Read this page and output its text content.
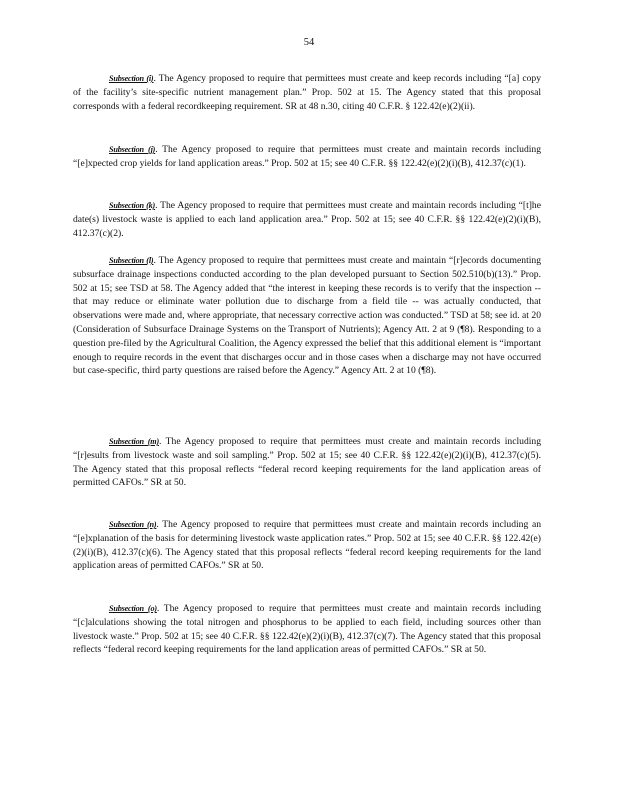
54

Subsection (i). The Agency proposed to require that permittees must create and keep records including “[a] copy of the facility’s site-specific nutrient management plan.” Prop. 502 at 15. The Agency stated that this proposal corresponds with a federal recordkeeping requirement. SR at 48 n.30, citing 40 C.F.R. § 122.42(e)(2)(ii).

Subsection (j). The Agency proposed to require that permittees must create and maintain records including “[e]xpected crop yields for land application areas.” Prop. 502 at 15; see 40 C.F.R. §§ 122.42(e)(2)(i)(B), 412.37(c)(1).

Subsection (k). The Agency proposed to require that permittees must create and maintain records including “[t]he date(s) livestock waste is applied to each land application area.” Prop. 502 at 15; see 40 C.F.R. §§ 122.42(e)(2)(i)(B), 412.37(c)(2).

Subsection (l). The Agency proposed to require that permittees must create and maintain “[r]ecords documenting subsurface drainage inspections conducted according to the plan developed pursuant to Section 502.510(b)(13).” Prop. 502 at 15; see TSD at 58. The Agency added that “the interest in keeping these records is to verify that the inspection -- that may reduce or eliminate water pollution due to discharge from a field tile -- was actually conducted, that observations were made and, where appropriate, that necessary corrective action was conducted.” TSD at 58; see id. at 20 (Consideration of Subsurface Drainage Systems on the Transport of Nutrients); Agency Att. 2 at 9 (¶8). Responding to a question pre-filed by the Agricultural Coalition, the Agency expressed the belief that this additional element is “important enough to require records in the event that discharges occur and in those cases when a discharge may not have occurred but case-specific, third party questions are raised before the Agency.” Agency Att. 2 at 10 (¶8).

Subsection (m). The Agency proposed to require that permittees must create and maintain records including “[r]esults from livestock waste and soil sampling.” Prop. 502 at 15; see 40 C.F.R. §§ 122.42(e)(2)(i)(B), 412.37(c)(5). The Agency stated that this proposal reflects “federal record keeping requirements for the land application areas of permitted CAFOs.” SR at 50.

Subsection (n). The Agency proposed to require that permittees must create and maintain records including an “[e]xplanation of the basis for determining livestock waste application rates.” Prop. 502 at 15; see 40 C.F.R. §§ 122.42(e)(2)(i)(B), 412.37(c)(6). The Agency stated that this proposal reflects “federal record keeping requirements for the land application areas of permitted CAFOs.” SR at 50.

Subsection (o). The Agency proposed to require that permittees must create and maintain records including “[c]alculations showing the total nitrogen and phosphorus to be applied to each field, including sources other than livestock waste.” Prop. 502 at 15; see 40 C.F.R. §§ 122.42(e)(2)(i)(B), 412.37(c)(7). The Agency stated that this proposal reflects “federal record keeping requirements for the land application areas of permitted CAFOs.” SR at 50.
